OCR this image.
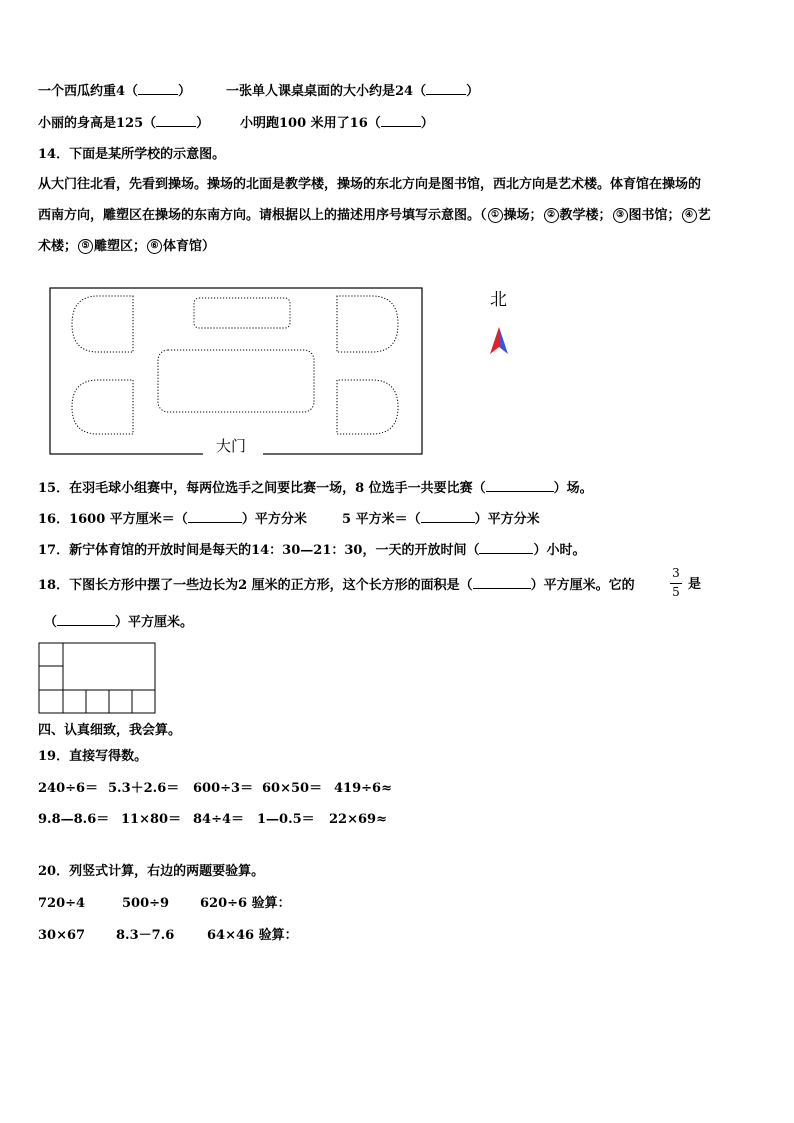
一个西瓜约重4（	）	一张单人课桌桌面的大小约是24（	）
小丽的身高是125（	） 小明跑100 米用了16（	）
14．下面是某所学校的示意图。
从大门往北看，先看到操场。操场的北面是教学楼，操场的东北方向是图书馆，西北方向是艺术楼。体育馆在操场的
西南方向，雕塑区在操场的东南方向。请根据以上的描述用序号填写示意图。（ ① 操场； ② 教学楼； ③ 图书馆； ④ 艺
术楼； ⑤ 雕塑区； ⑥ 体育馆）
大门
北
15．在羽毛球小组赛中，每两位选手之间要比赛一场，8 位选手一共要比赛（	）场。
16．1600 平方厘米＝（	）平方分米	5 平方米＝（	）平方分米
17．新宁体育馆的开放时间是每天的14：30—21：30，一天的开放时间（	）小时。
18．下图长方形中摆了一些边长为2 厘米的正方形，这个长方形的面积是（	）平方厘米。它的
3
5 是
（	）平方厘米。
四、认真细致，我会算。
19．直接写得数。
240÷6＝ 5.3＋2.6＝ 600÷3＝ 60×50＝ 419÷6≈
9.8—8.6＝ 11×80＝ 84÷4＝ 1—0.5＝ 22×69≈
20．列竖式计算，右边的两题要验算。
720÷4	500÷9 620÷6 验算：
30×67 8.3－7.6	64×46 验算：
